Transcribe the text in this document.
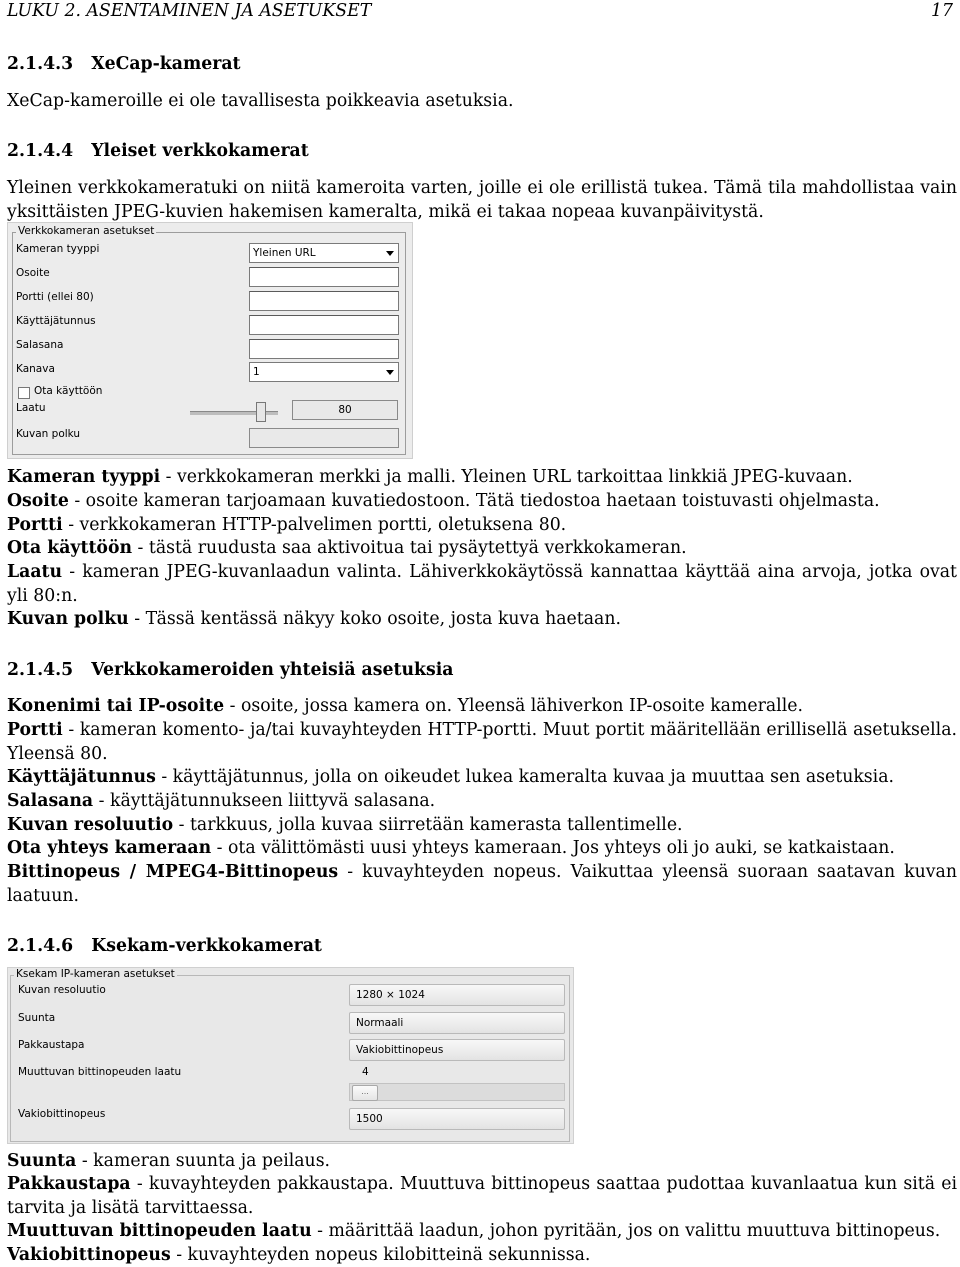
LUKU 2. ASENTAMINEN JA ASETUKSET	17
2.1.4.3   XeCap-kamerat
XeCap-kameroille ei ole tavallisesta poikkeavia asetuksia.
2.1.4.4   Yleiset verkkokamerat
Yleinen verkkokameratuki on niitä kameroita varten, joille ei ole erillistä tukea. Tämä tila mahdollistaa vain yksittäisten JPEG-kuvien hakemisen kameralta, mikä ei takaa nopeaa kuvanpäivitystä.
Verkkokameran asetukset
Kameran tyyppi	Yleinen URL
Osoite
Portti (ellei 80)
Käyttäjätunnus
Salasana
Kanava	1
Ota käyttöön
Laatu	80
Kuvan polku
Kameran tyyppi - verkkokameran merkki ja malli. Yleinen URL tarkoittaa linkkiä JPEG-kuvaan.
Osoite - osoite kameran tarjoamaan kuvatiedostoon. Tätä tiedostoa haetaan toistuvasti ohjelmasta.
Portti - verkkokameran HTTP-palvelimen portti, oletuksena 80.
Ota käyttöön - tästä ruudusta saa aktivoitua tai pysäytettyä verkkokameran.
Laatu - kameran JPEG-kuvanlaadun valinta. Lähiverkkokäytössä kannattaa käyttää aina arvoja, jotka ovat yli 80:n.
Kuvan polku - Tässä kentässä näkyy koko osoite, josta kuva haetaan.
2.1.4.5   Verkkokameroiden yhteisiä asetuksia
Konenimi tai IP-osoite - osoite, jossa kamera on. Yleensä lähiverkon IP-osoite kameralle.
Portti - kameran komento- ja/tai kuvayhteyden HTTP-portti. Muut portit määritellään erillisellä asetuksella. Yleensä 80.
Käyttäjätunnus - käyttäjätunnus, jolla on oikeudet lukea kameralta kuvaa ja muuttaa sen asetuksia.
Salasana - käyttäjätunnukseen liittyvä salasana.
Kuvan resoluutio - tarkkuus, jolla kuvaa siirretään kamerasta tallentimelle.
Ota yhteys kameraan - ota välittömästi uusi yhteys kameraan. Jos yhteys oli jo auki, se katkaistaan.
Bittinopeus / MPEG4-Bittinopeus - kuvayhteyden nopeus. Vaikuttaa yleensä suoraan saatavan kuvan laatuun.
2.1.4.6   Ksekam-verkkokamerat
Ksekam IP-kameran asetukset
Kuvan resoluutio	1280 × 1024
Suunta	Normaali
Pakkaustapa	Vakiobittinopeus
Muuttuvan bittinopeuden laatu	4
...
Vakiobittinopeus	1500
Suunta - kameran suunta ja peilaus.
Pakkaustapa - kuvayhteyden pakkaustapa. Muuttuva bittinopeus saattaa pudottaa kuvanlaatua kun sitä ei tarvita ja lisätä tarvittaessa.
Muuttuvan bittinopeuden laatu - määrittää laadun, johon pyritään, jos on valittu muuttuva bittinopeus.
Vakiobittinopeus - kuvayhteyden nopeus kilobitteinä sekunnissa.
